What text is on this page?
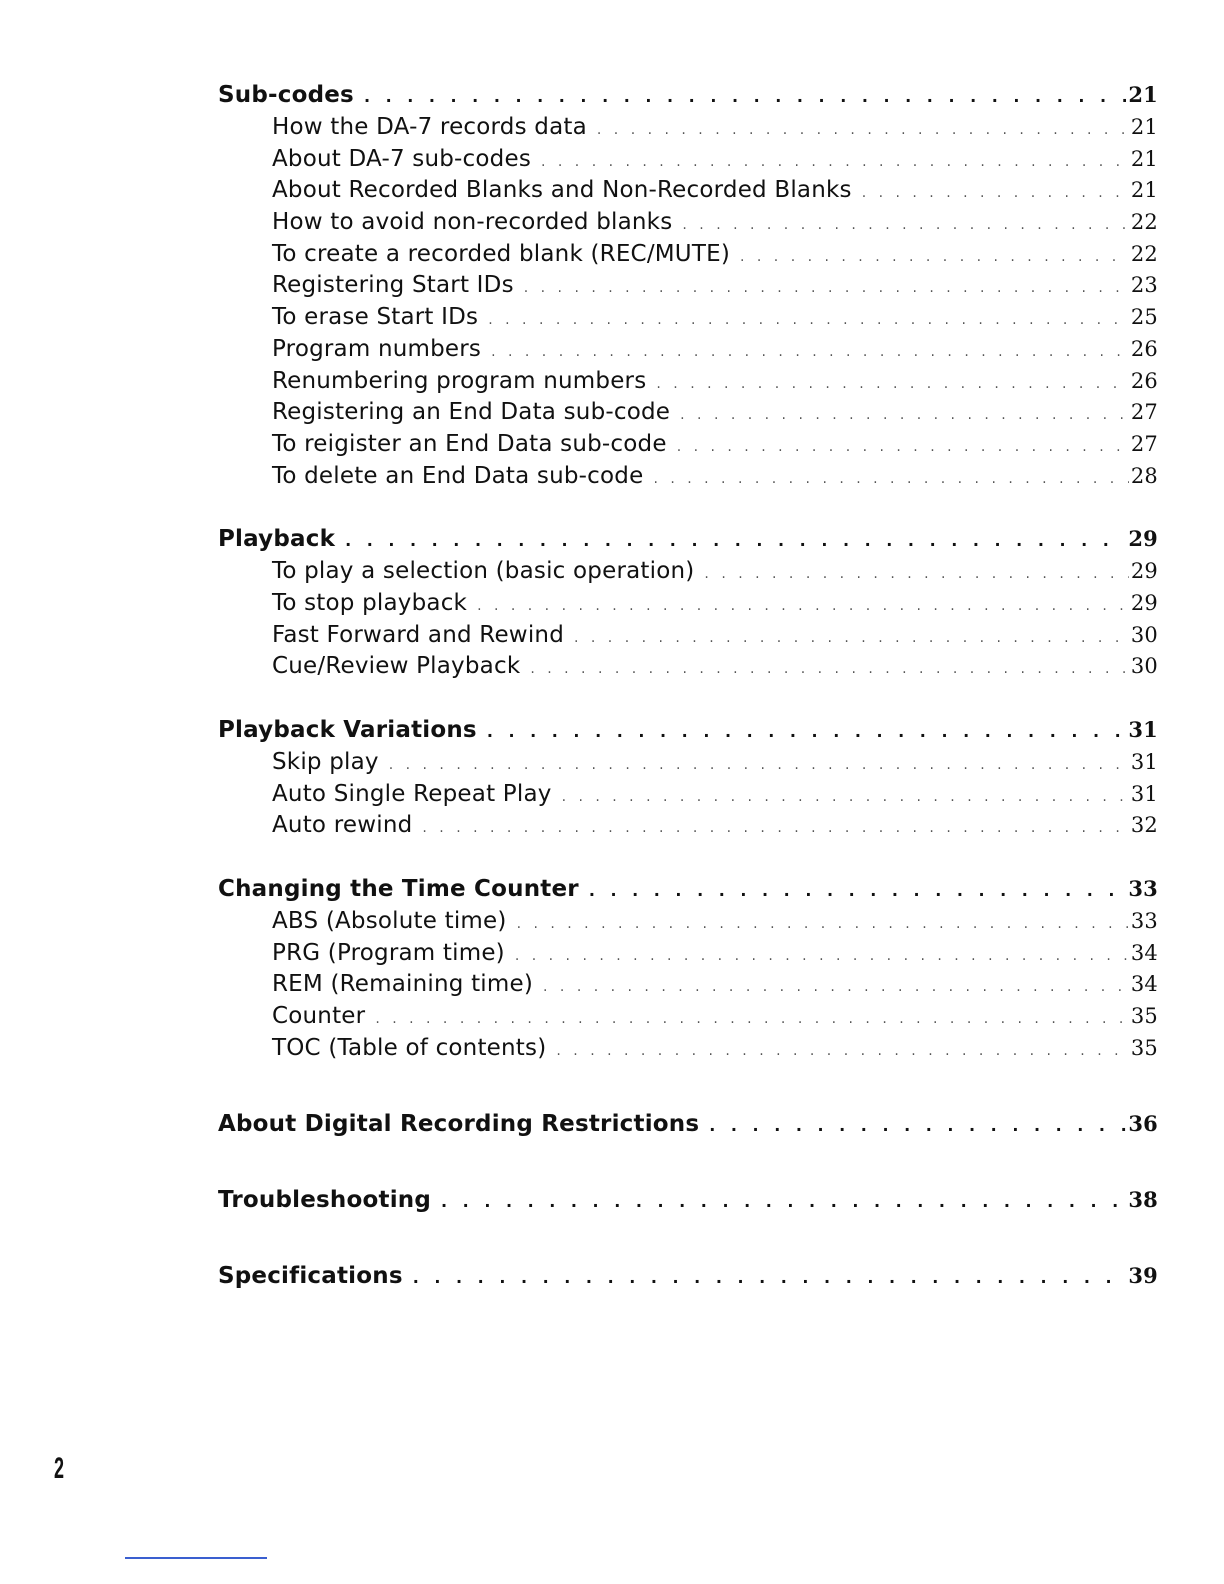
Sub-codes . . .	21
How the DA-7 records data . . .	21
About DA-7 sub-codes . . .	21
About Recorded Blanks and Non-Recorded Blanks . . .	21
How to avoid non-recorded blanks . . .	22
To create a recorded blank (REC/MUTE) . . .	22
Registering Start IDs . . .	23
To erase Start IDs . . .	25
Program numbers . . .	26
Renumbering program numbers . . .	26
Registering an End Data sub-code . . .	27
To reigister an End Data sub-code . . .	27
To delete an End Data sub-code . . .	28
Playback . . .	29
To play a selection (basic operation) . . .	29
To stop playback . . .	29
Fast Forward and Rewind . . .	30
Cue/Review Playback . . .	30
Playback Variations . . .	31
Skip play . . .	31
Auto Single Repeat Play . . .	31
Auto rewind . . .	32
Changing the Time Counter . . .	33
ABS (Absolute time) . . .	33
PRG (Program time) . . .	34
REM (Remaining time) . . .	34
Counter . . .	35
TOC (Table of contents) . . .	35
About Digital Recording Restrictions . . .	36
Troubleshooting . . .	38
Specifications . . .	39
2
